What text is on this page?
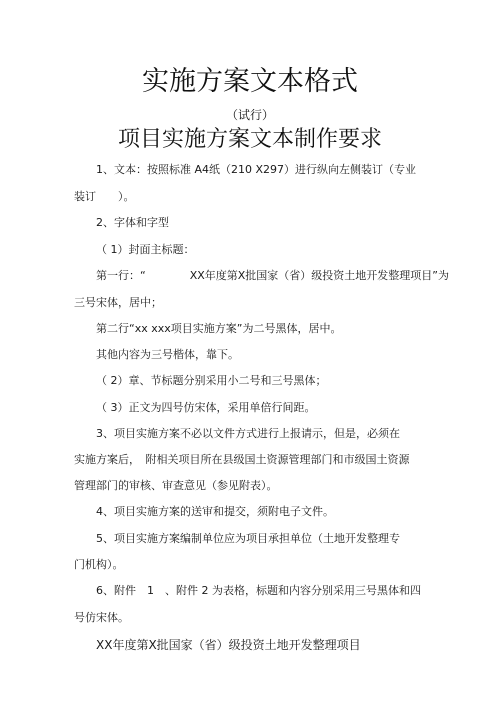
实施方案文本格式
（试行）
项目实施方案文本制作要求
1、文本：按照标准 A4纸（210 X297）进行纵向左侧装订（专业
装订　　）。
2、字体和字型
（ 1）封面主标题：
第一行：“　　　　XX年度第X批国家（省）级投资土地开发整理项目”为
三号宋体，居中；
第二行“xx xxx项目实施方案”为二号黑体，居中。
其他内容为三号楷体，靠下。
（ 2）章、节标题分别采用小二号和三号黑体；
（ 3）正文为四号仿宋体，采用单倍行间距。
3、项目实施方案不必以文件方式进行上报请示，但是，必须在
实施方案后，　附相关项目所在县级国土资源管理部门和市级国土资源
管理部门的审核、审查意见（参见附表）。
4、项目实施方案的送审和提交，须附电子文件。
5、项目实施方案编制单位应为项目承担单位（土地开发整理专
门机构）。
6、附件　1　、附件 2 为表格，标题和内容分别采用三号黑体和四
号仿宋体。
XX年度第X批国家（省）级投资土地开发整理项目
